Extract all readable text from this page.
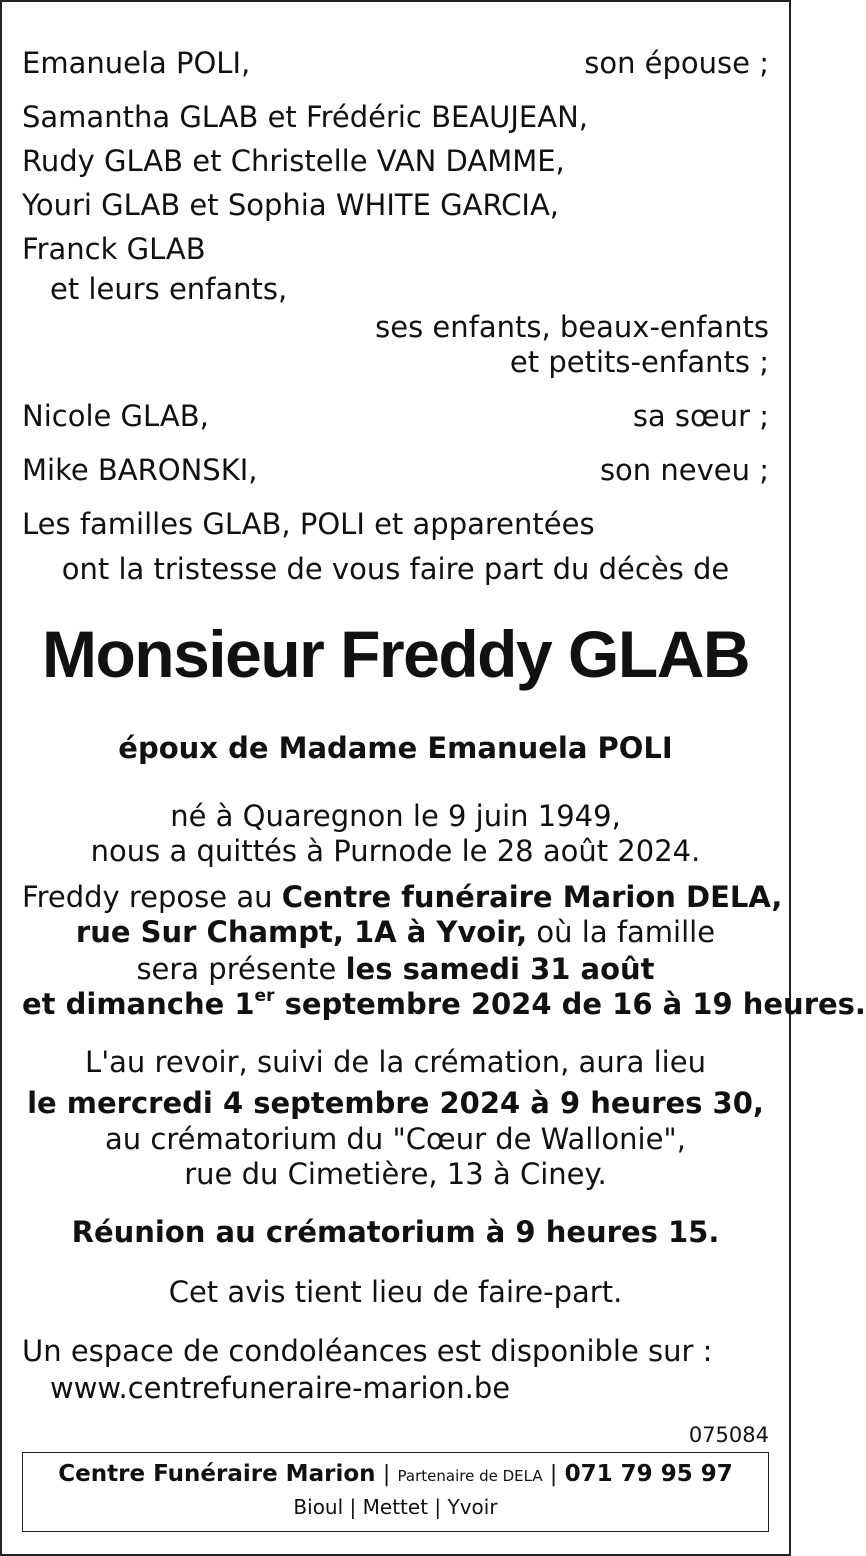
Emanuela POLI,	son épouse ;
Samantha GLAB et Frédéric BEAUJEAN,
Rudy GLAB et Christelle VAN DAMME,
Youri GLAB et Sophia WHITE GARCIA,
Franck GLAB
et leurs enfants,
ses enfants, beaux-enfants
et petits-enfants ;
Nicole GLAB,	sa sœur ;
Mike BARONSKI,	son neveu ;
Les familles GLAB, POLI et apparentées
ont la tristesse de vous faire part du décès de
Monsieur Freddy GLAB
époux de Madame Emanuela POLI
né à Quaregnon le 9 juin 1949,
nous a quittés à Purnode le 28 août 2024.
Freddy repose au Centre funéraire Marion DELA,
rue Sur Champt, 1A à Yvoir, où la famille
sera présente les samedi 31 août
et dimanche 1er septembre 2024 de 16 à 19 heures.
L'au revoir, suivi de la crémation, aura lieu
le mercredi 4 septembre 2024 à 9 heures 30,
au crématorium du "Cœur de Wallonie",
rue du Cimetière, 13 à Ciney.
Réunion au crématorium à 9 heures 15.
Cet avis tient lieu de faire-part.
Un espace de condoléances est disponible sur :
www.centrefuneraire-marion.be
075084
Centre Funéraire Marion | Partenaire de DELA | 071 79 95 97
Bioul | Mettet | Yvoir
